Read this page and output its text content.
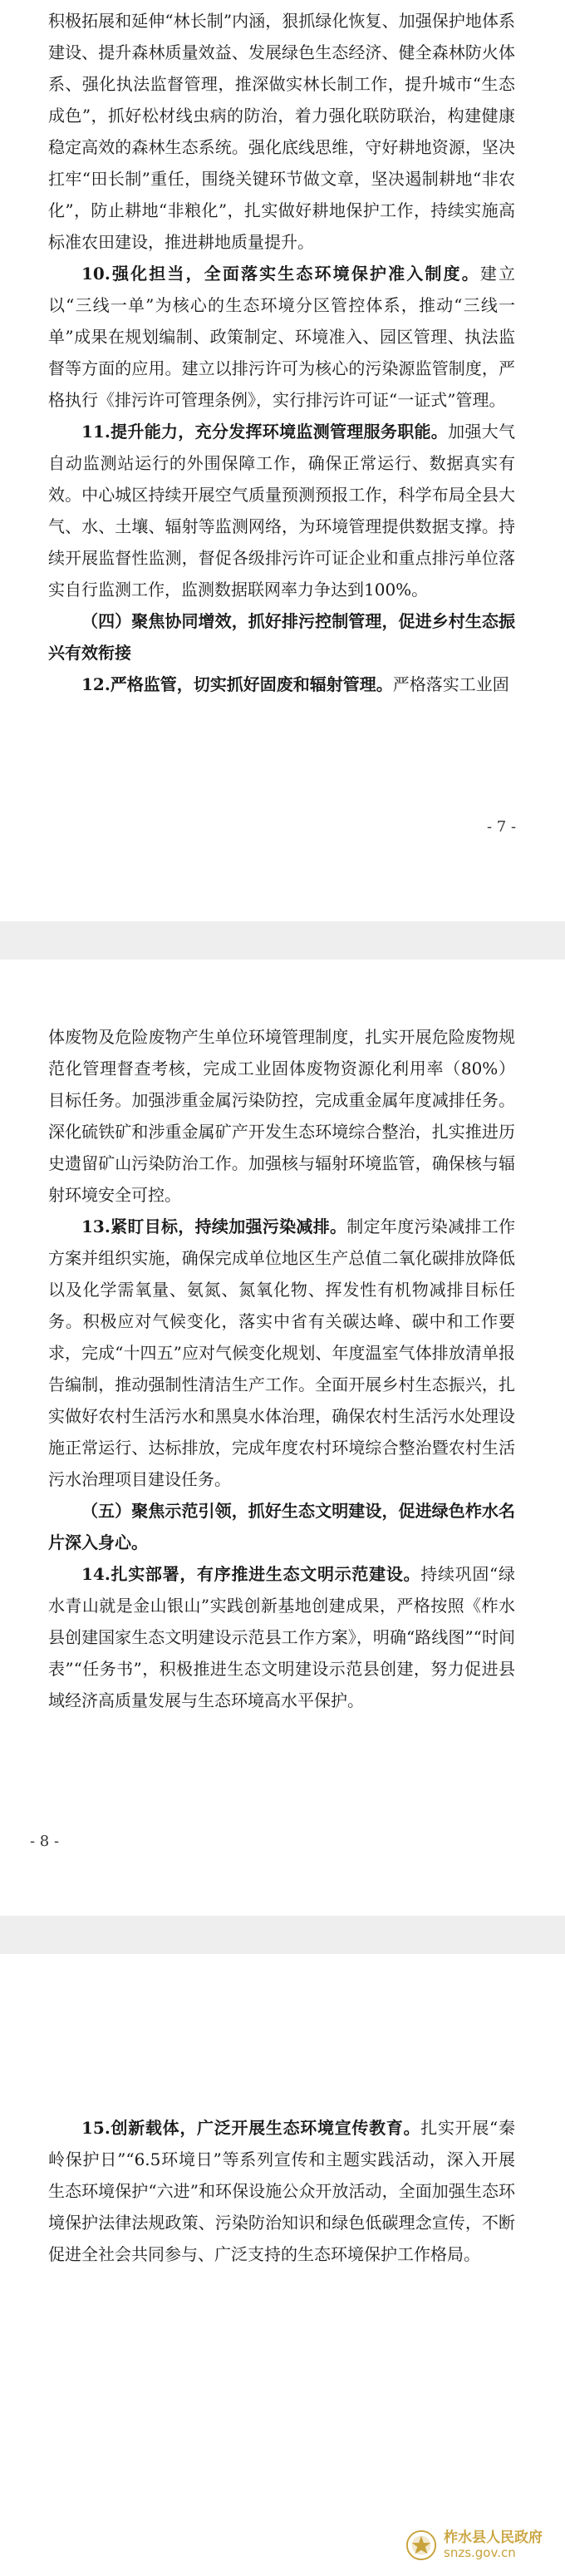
积极拓展和延伸“林长制”内涵，狠抓绿化恢复、加强保护地体系建设、提升森林质量效益、发展绿色生态经济、健全森林防火体系、强化执法监督管理，推深做实林长制工作，提升城市“生态成色”，抓好松材线虫病的防治，着力强化联防联治，构建健康稳定高效的森林生态系统。强化底线思维，守好耕地资源，坚决扛牢“田长制”重任，围绕关键环节做文章，坚决遏制耕地“非农化”，防止耕地“非粮化”，扎实做好耕地保护工作，持续实施高标准农田建设，推进耕地质量提升。

10.强化担当，全面落实生态环境保护准入制度。建立以“三线一单”为核心的生态环境分区管控体系，推动“三线一单”成果在规划编制、政策制定、环境准入、园区管理、执法监督等方面的应用。建立以排污许可为核心的污染源监管制度，严格执行《排污许可管理条例》，实行排污许可证“一证式”管理。

11.提升能力，充分发挥环境监测管理服务职能。加强大气自动监测站运行的外围保障工作，确保正常运行、数据真实有效。中心城区持续开展空气质量预测预报工作，科学布局全县大气、水、土壤、辐射等监测网络，为环境管理提供数据支撑。持续开展监督性监测，督促各级排污许可证企业和重点排污单位落实自行监测工作，监测数据联网率力争达到100%。

（四）聚焦协同增效，抓好排污控制管理，促进乡村生态振兴有效衔接

12.严格监管，切实抓好固废和辐射管理。严格落实工业固

- 7 -

体废物及危险废物产生单位环境管理制度，扎实开展危险废物规范化管理督查考核，完成工业固体废物资源化利用率（80%）目标任务。加强涉重金属污染防控，完成重金属年度减排任务。深化硫铁矿和涉重金属矿产开发生态环境综合整治，扎实推进历史遗留矿山污染防治工作。加强核与辐射环境监管，确保核与辐射环境安全可控。

13.紧盯目标，持续加强污染减排。制定年度污染减排工作方案并组织实施，确保完成单位地区生产总值二氧化碳排放降低以及化学需氧量、氨氮、氮氧化物、挥发性有机物减排目标任务。积极应对气候变化，落实中省有关碳达峰、碳中和工作要求，完成“十四五”应对气候变化规划、年度温室气体排放清单报告编制，推动强制性清洁生产工作。全面开展乡村生态振兴，扎实做好农村生活污水和黑臭水体治理，确保农村生活污水处理设施正常运行、达标排放，完成年度农村环境综合整治暨农村生活污水治理项目建设任务。

（五）聚焦示范引领，抓好生态文明建设，促进绿色柞水名片深入身心。

14.扎实部署，有序推进生态文明示范建设。持续巩固“绿水青山就是金山银山”实践创新基地创建成果，严格按照《柞水县创建国家生态文明建设示范县工作方案》，明确“路线图”“时间表”“任务书”，积极推进生态文明建设示范县创建，努力促进县域经济高质量发展与生态环境高水平保护。

- 8 -

15.创新载体，广泛开展生态环境宣传教育。扎实开展“秦岭保护日”“6.5环境日”等系列宣传和主题实践活动，深入开展生态环境保护“六进”和环保设施公众开放活动，全面加强生态环境保护法律法规政策、污染防治知识和绿色低碳理念宣传，不断促进全社会共同参与、广泛支持的生态环境保护工作格局。

柞水县人民政府
snzs.gov.cn
